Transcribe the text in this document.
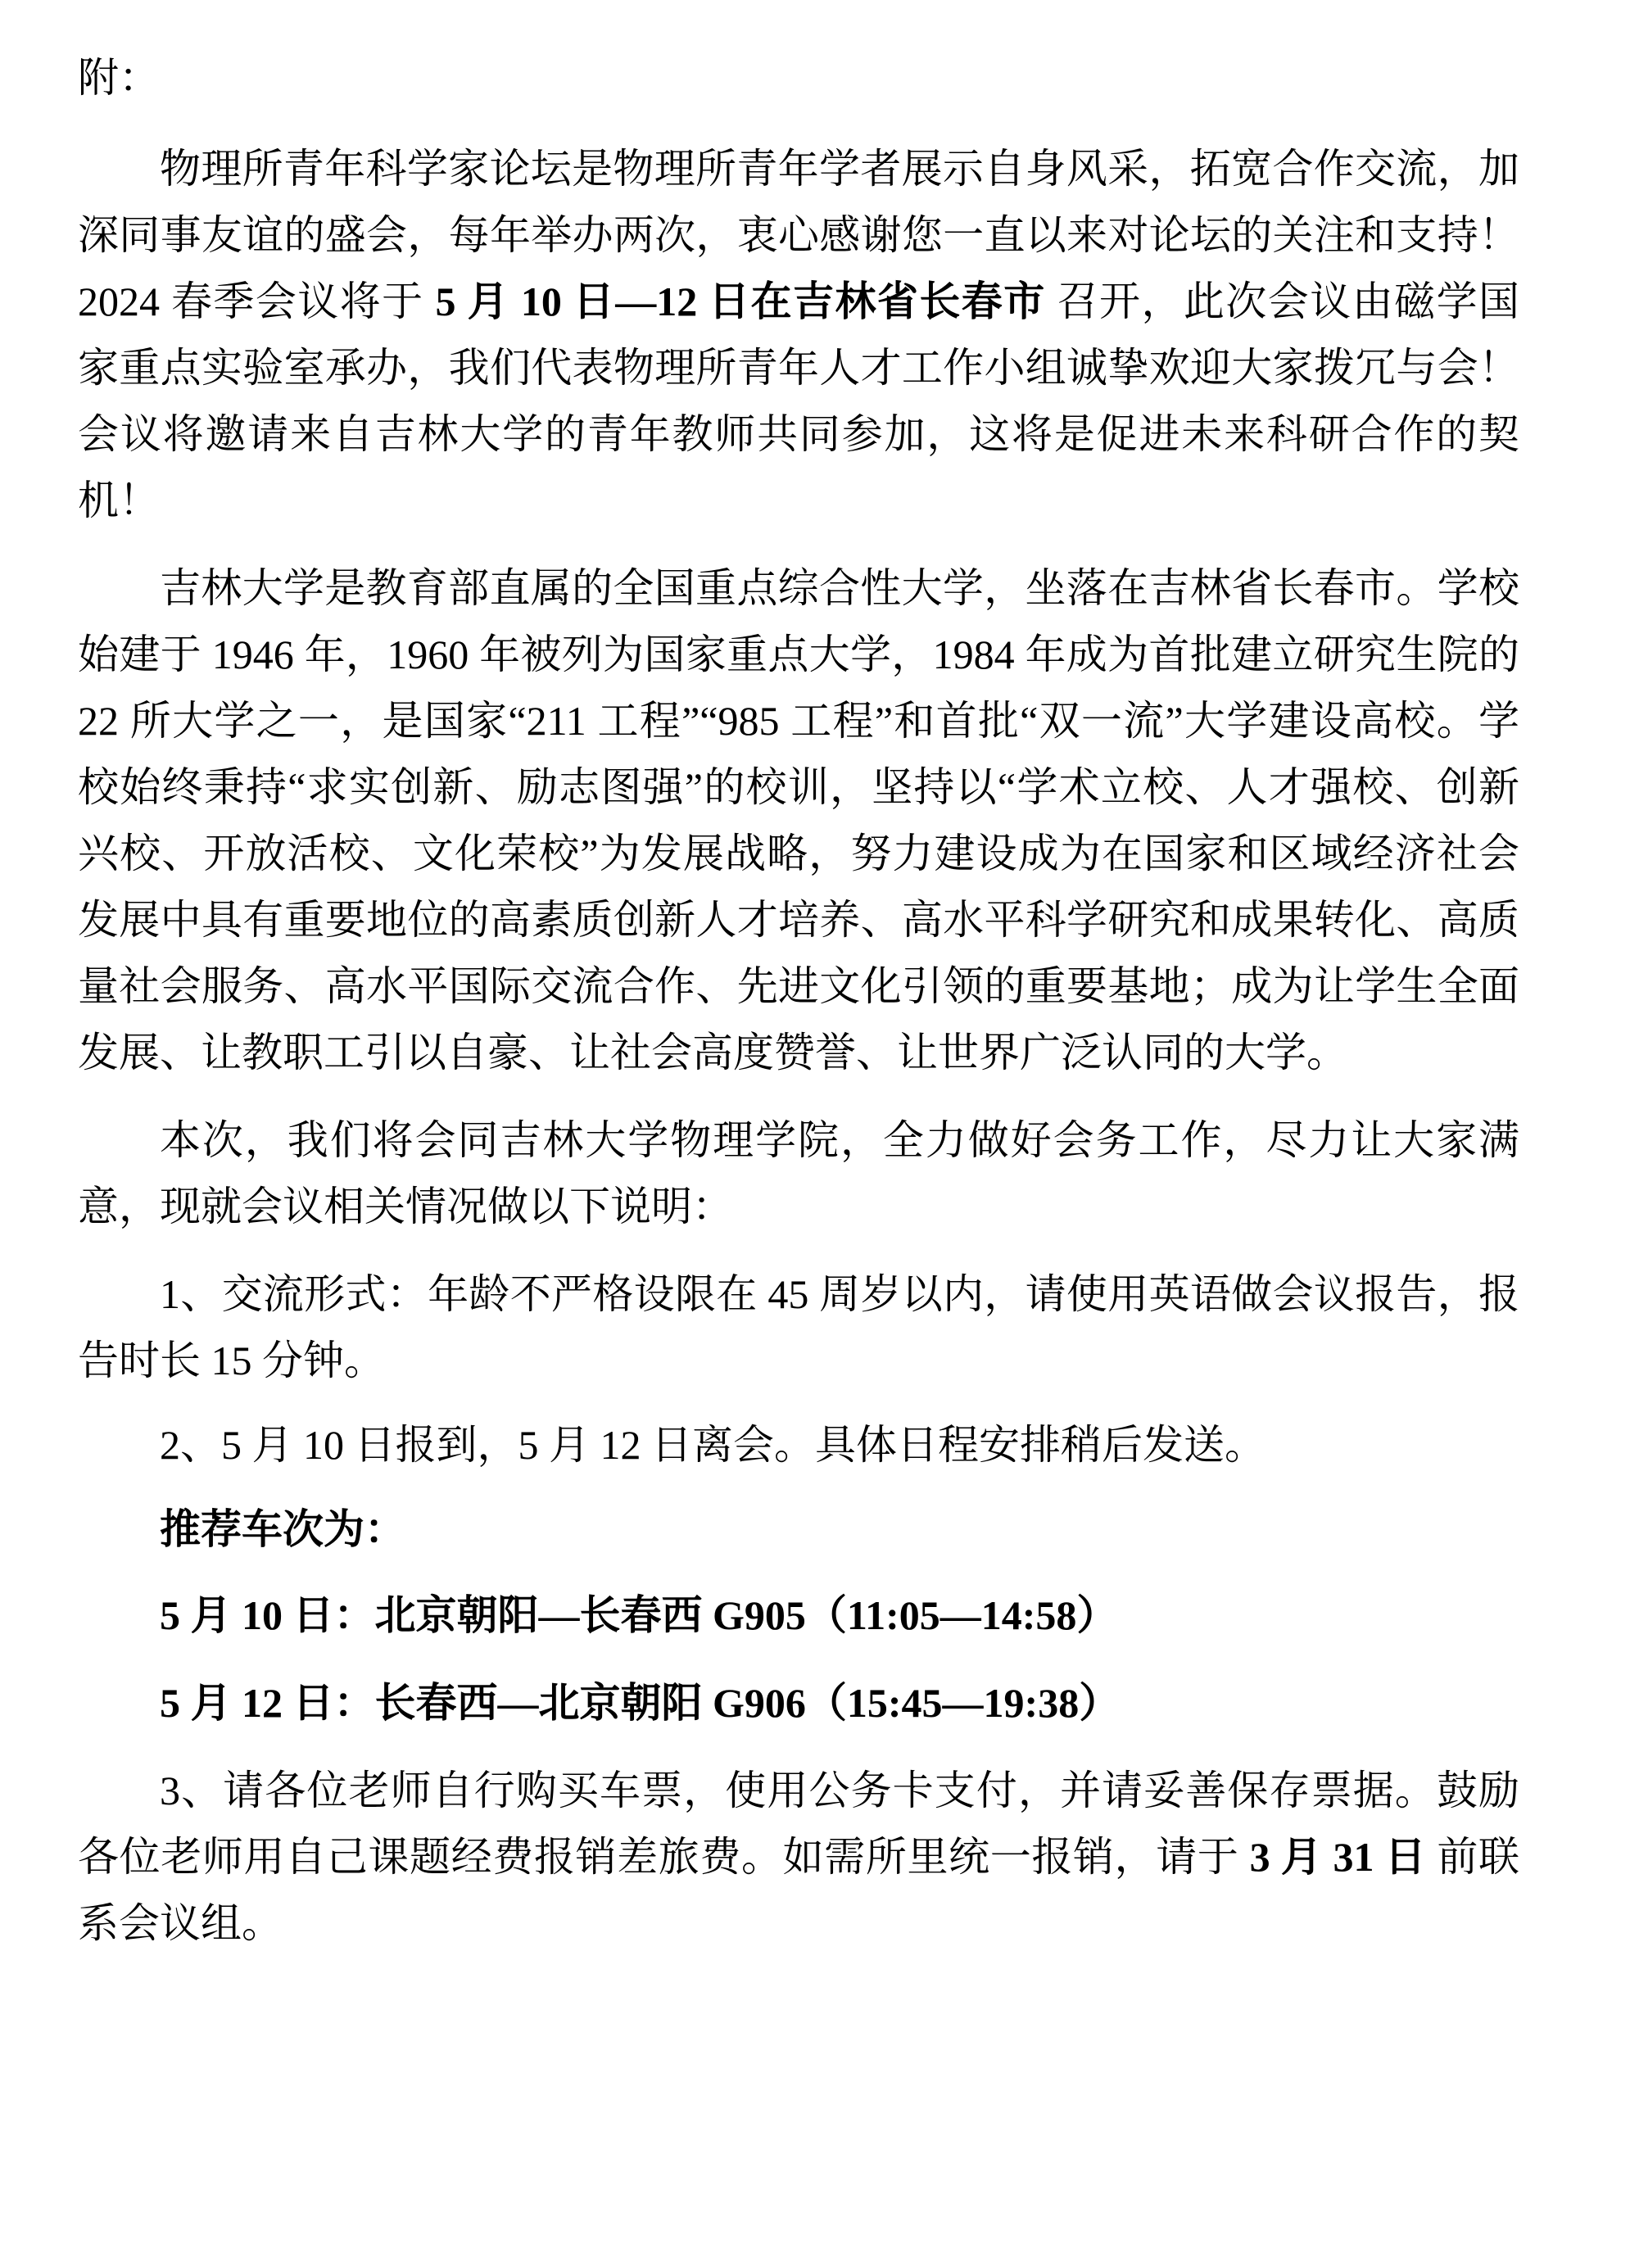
附：

物理所青年科学家论坛是物理所青年学者展示自身风采，拓宽合作交流，加深同事友谊的盛会，每年举办两次，衷心感谢您一直以来对论坛的关注和支持！2024 春季会议将于 5 月 10 日—12 日在吉林省长春市 召开，此次会议由磁学国家重点实验室承办，我们代表物理所青年人才工作小组诚挚欢迎大家拨冗与会！会议将邀请来自吉林大学的青年教师共同参加，这将是促进未来科研合作的契机！

吉林大学是教育部直属的全国重点综合性大学，坐落在吉林省长春市。学校始建于 1946 年，1960 年被列为国家重点大学，1984 年成为首批建立研究生院的 22 所大学之一，是国家“211 工程”“985 工程”和首批“双一流”大学建设高校。学校始终秉持“求实创新、励志图强”的校训，坚持以“学术立校、人才强校、创新兴校、开放活校、文化荣校”为发展战略，努力建设成为在国家和区域经济社会发展中具有重要地位的高素质创新人才培养、高水平科学研究和成果转化、高质量社会服务、高水平国际交流合作、先进文化引领的重要基地；成为让学生全面发展、让教职工引以自豪、让社会高度赞誉、让世界广泛认同的大学。

本次，我们将会同吉林大学物理学院，全力做好会务工作，尽力让大家满意，现就会议相关情况做以下说明：

1、交流形式：年龄不严格设限在 45 周岁以内，请使用英语做会议报告，报告时长 15 分钟。

2、5 月 10 日报到，5 月 12 日离会。具体日程安排稍后发送。

推荐车次为：

5 月 10 日：北京朝阳—长春西 G905（11:05—14:58）

5 月 12 日：长春西—北京朝阳 G906（15:45—19:38）

3、请各位老师自行购买车票，使用公务卡支付，并请妥善保存票据。鼓励各位老师用自己课题经费报销差旅费。如需所里统一报销，请于 3 月 31 日 前联系会议组。
